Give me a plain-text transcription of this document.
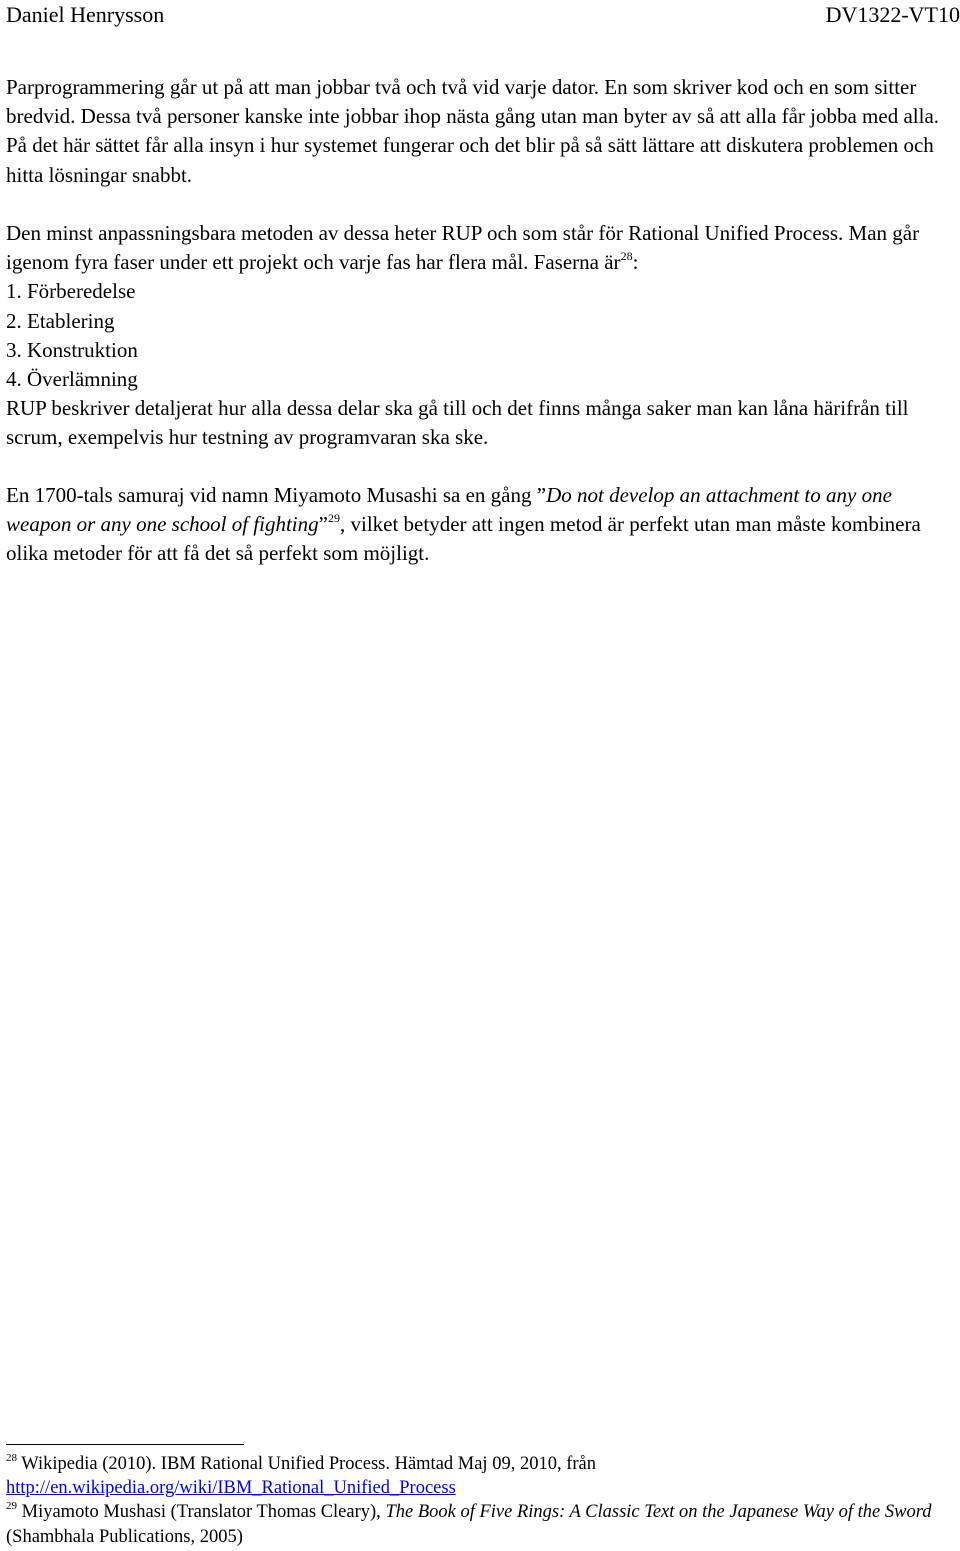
Daniel Henrysson	DV1322-VT10

Parprogrammering går ut på att man jobbar två och två vid varje dator. En som skriver kod och en som sitter bredvid. Dessa två personer kanske inte jobbar ihop nästa gång utan man byter av så att alla får jobba med alla. På det här sättet får alla insyn i hur systemet fungerar och det blir på så sätt lättare att diskutera problemen och hitta lösningar snabbt.

Den minst anpassningsbara metoden av dessa heter RUP och som står för Rational Unified Process. Man går igenom fyra faser under ett projekt och varje fas har flera mål. Faserna $är^{28}$:

1. Förberedelse
2. Etablering
3. Konstruktion
4. Överlämning

RUP beskriver detaljerat hur alla dessa delar ska gå till och det finns många saker man kan låna härifrån till scrum, exempelvis hur testning av programvaran ska ske.

En 1700-tals samuraj vid namn Miyamoto Musashi sa en gång ”Do not develop an attachment to any one weapon or any one school of fighting”$^{29}$, vilket betyder att ingen metod är perfekt utan man måste kombinera olika metoder för att få det så perfekt som möjligt.

$^{28}$ Wikipedia (2010). IBM Rational Unified Process. Hämtad Maj 09, 2010, från
http://en.wikipedia.org/wiki/IBM_Rational_Unified_Process

$^{29}$ Miyamoto Mushasi (Translator Thomas Cleary), The Book of Five Rings: A Classic Text on the Japanese Way of the Sword (Shambhala Publications, 2005)
